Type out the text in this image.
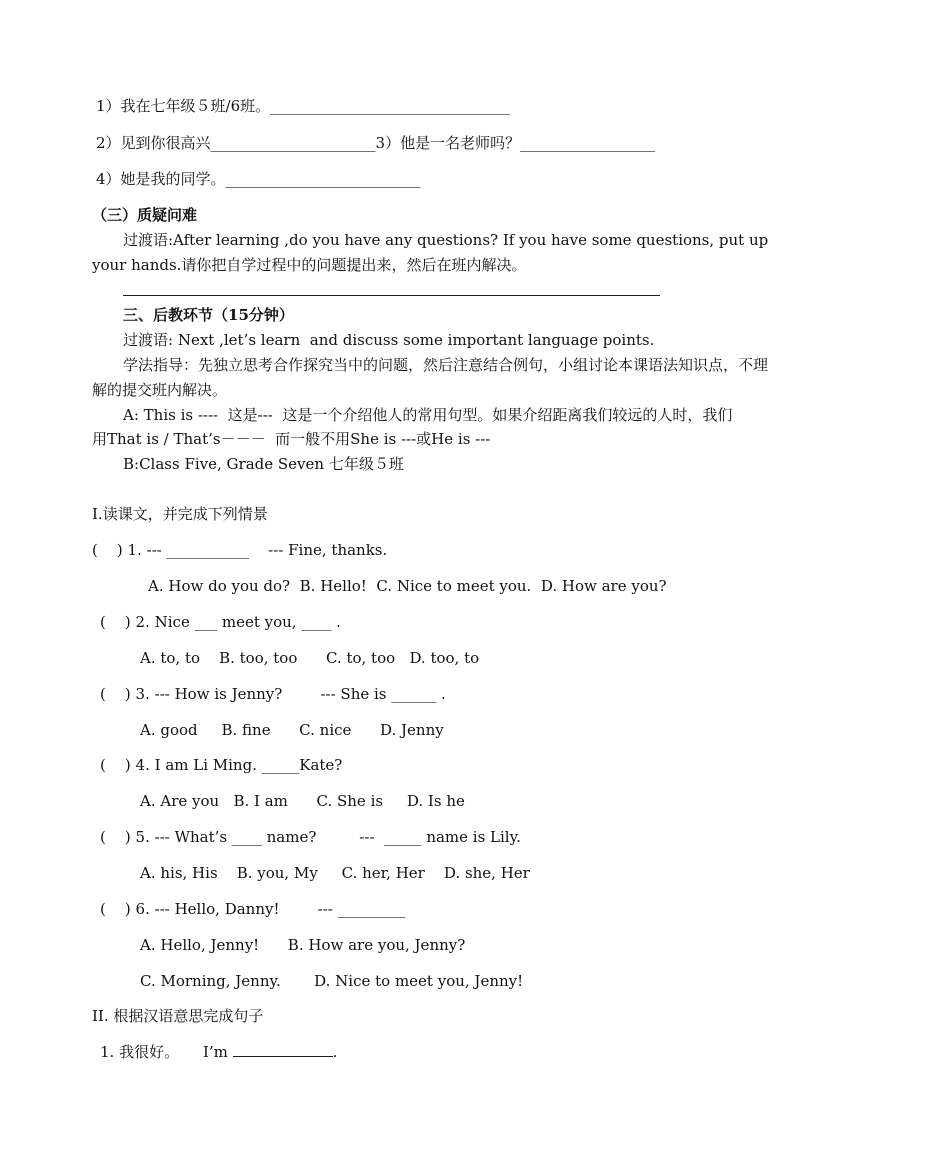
1）我在七年级５班/6班。________________________________
2）见到你很高兴______________________3）他是一名老师吗？__________________
4）她是我的同学。__________________________
（三）质疑问难
过渡语:After learning ,do you have any questions? If you have some questions, put up
your hands.请你把自学过程中的问题提出来，然后在班内解决。
三、后教环节（15分钟）
过渡语: Next ,let’s learn  and discuss some important language points.
学法指导：先独立思考合作探究当中的问题，然后注意结合例句，小组讨论本课语法知识点，不理
解的提交班内解决。
A: This is ----  这是---  这是一个介绍他人的常用句型。如果介绍距离我们较远的人时，我们
用That is / That’s－－－  而一般不用She is ---或He is ---
B:Class Five, Grade Seven 七年级５班
I.读课文，并完成下列情景
(    ) 1. --- ___________    --- Fine, thanks.
A. How do you do?  B. Hello!  C. Nice to meet you.  D. How are you?
(    ) 2. Nice ___ meet you, ____ .
A. to, to    B. too, too      C. to, too   D. too, to
(    ) 3. --- How is Jenny?        --- She is ______ .
A. good     B. fine      C. nice      D. Jenny
(    ) 4. I am Li Ming. _____Kate?
A. Are you   B. I am      C. She is     D. Is he
(    ) 5. --- What’s ____ name?         ---  _____ name is Lily.
A. his, His    B. you, My     C. her, Her    D. she, Her
(    ) 6. --- Hello, Danny!        --- _________
A. Hello, Jenny!      B. How are you, Jenny?
C. Morning, Jenny.       D. Nice to meet you, Jenny!
II. 根据汉语意思完成句子
1. 我很好。 I’m	.
